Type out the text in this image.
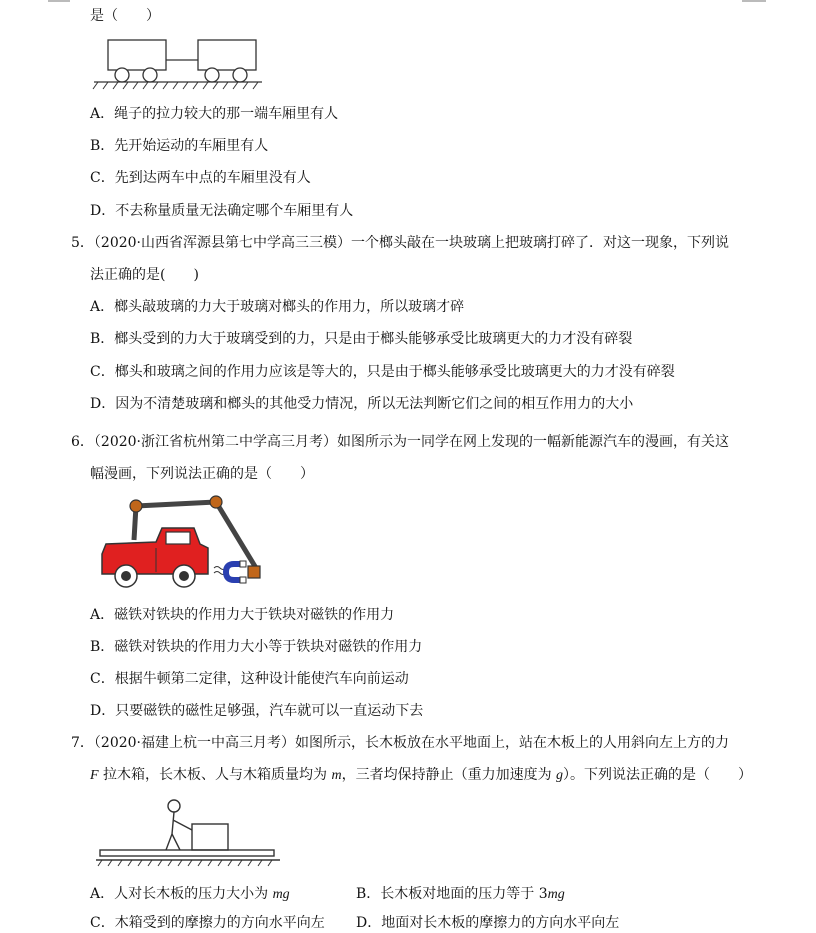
是（　　）
A．绳子的拉力较大的那一端车厢里有人
B．先开始运动的车厢里有人
C．先到达两车中点的车厢里没有人
D．不去称量质量无法确定哪个车厢里有人
5．（2020·山西省浑源县第七中学高三三模）一个榔头敲在一块玻璃上把玻璃打碎了．对这一现象，下列说
法正确的是(　　)
A．榔头敲玻璃的力大于玻璃对榔头的作用力，所以玻璃才碎
B．榔头受到的力大于玻璃受到的力，只是由于榔头能够承受比玻璃更大的力才没有碎裂
C．榔头和玻璃之间的作用力应该是等大的，只是由于榔头能够承受比玻璃更大的力才没有碎裂
D．因为不清楚玻璃和榔头的其他受力情况，所以无法判断它们之间的相互作用力的大小
6．（2020·浙江省杭州第二中学高三月考）如图所示为一同学在网上发现的一幅新能源汽车的漫画，有关这
幅漫画，下列说法正确的是（　　）
A．磁铁对铁块的作用力大于铁块对磁铁的作用力
B．磁铁对铁块的作用力大小等于铁块对磁铁的作用力
C．根据牛顿第二定律，这种设计能使汽车向前运动
D．只要磁铁的磁性足够强，汽车就可以一直运动下去
7．（2020·福建上杭一中高三月考）如图所示，长木板放在水平地面上，站在木板上的人用斜向左上方的力
F 拉木箱，长木板、人与木箱质量均为 m，三者均保持静止（重力加速度为 g）。下列说法正确的是（　　）
A．人对长木板的压力大小为 mg	B．长木板对地面的压力等于 3mg
C．木箱受到的摩擦力的方向水平向左 D．地面对长木板的摩擦力的方向水平向左
